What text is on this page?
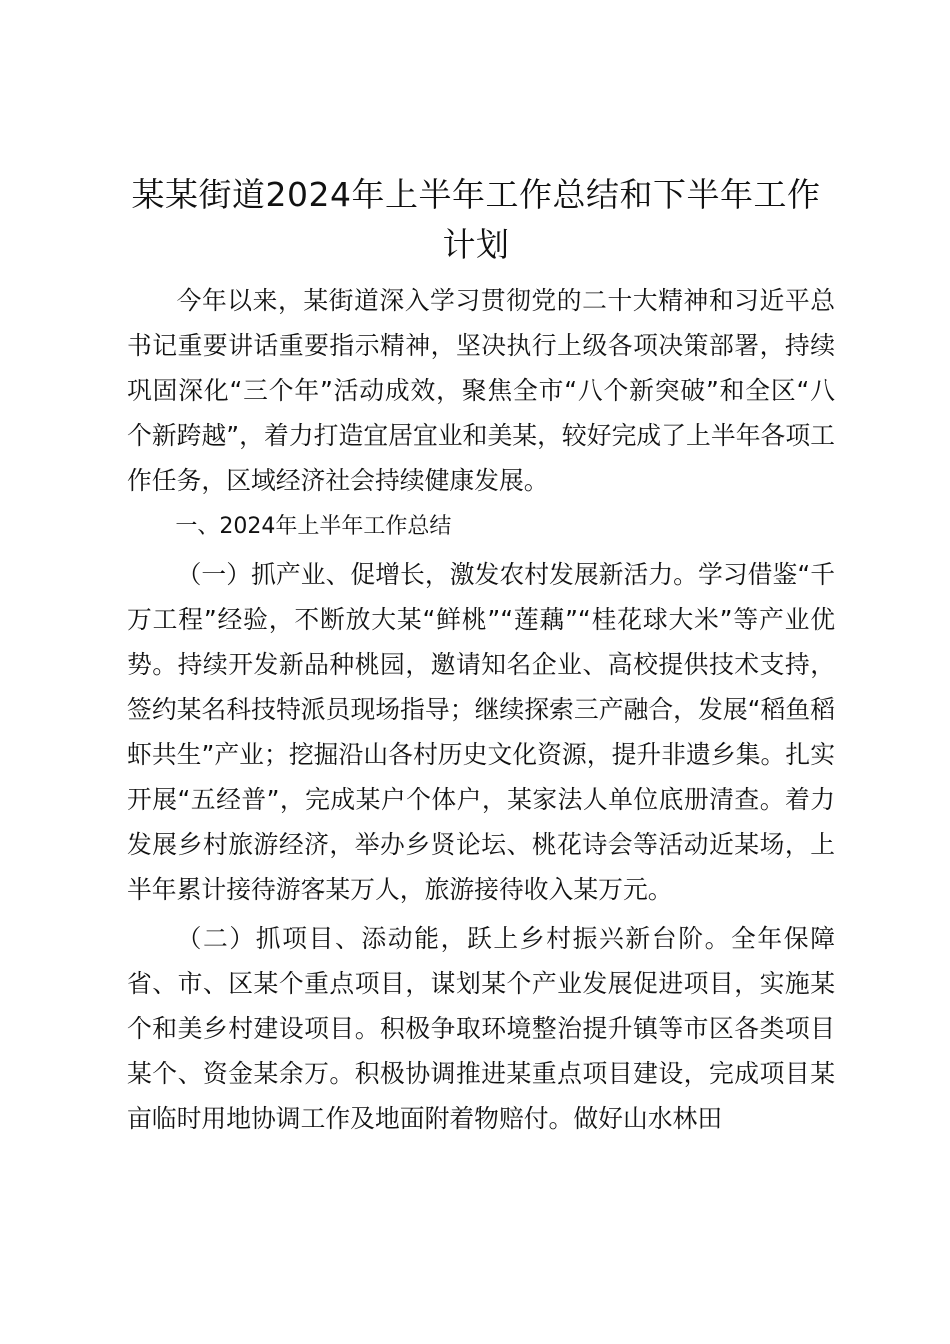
某某街道2024年上半年工作总结和下半年工作计划

今年以来，某街道深入学习贯彻党的二十大精神和习近平总书记重要讲话重要指示精神，坚决执行上级各项决策部署，持续巩固深化“三个年”活动成效，聚焦全市“八个新突破”和全区“八个新跨越”，着力打造宜居宜业和美某，较好完成了上半年各项工作任务，区域经济社会持续健康发展。

一、2024年上半年工作总结

（一）抓产业、促增长，激发农村发展新活力。学习借鉴“千万工程”经验，不断放大某“鲜桃”“莲藕”“桂花球大米”等产业优势。持续开发新品种桃园，邀请知名企业、高校提供技术支持，签约某名科技特派员现场指导；继续探索三产融合，发展“稻鱼稻虾共生”产业；挖掘沿山各村历史文化资源，提升非遗乡集。扎实开展“五经普”，完成某户个体户，某家法人单位底册清查。着力发展乡村旅游经济，举办乡贤论坛、桃花诗会等活动近某场，上半年累计接待游客某万人，旅游接待收入某万元。

（二）抓项目、添动能，跃上乡村振兴新台阶。全年保障省、市、区某个重点项目，谋划某个产业发展促进项目，实施某个和美乡村建设项目。积极争取环境整治提升镇等市区各类项目某个、资金某余万。积极协调推进某重点项目建设，完成项目某亩临时用地协调工作及地面附着物赔付。做好山水林田
